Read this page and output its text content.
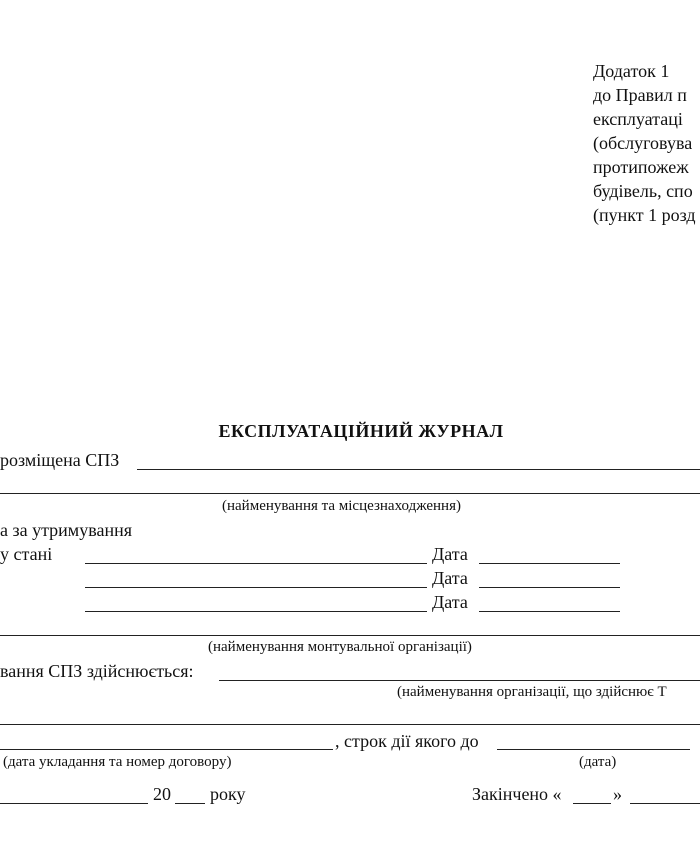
Додаток 1
до Правил п
експлуатаці
(обслуговува
протипожеж
будівель, спо
(пункт 1 розд
ЕКСПЛУАТАЦІЙНИЙ ЖУРНАЛ
розміщена СПЗ
(найменування та місцезнаходження)
а за утримування
у стані	Дата
Дата
Дата
(найменування монтувальної організації)
вання СПЗ здійснюється:
(найменування організації, що здійснює Т
, строк дії якого до
(дата укладання та номер договору)	(дата)
20 року	Закінчено «	»
